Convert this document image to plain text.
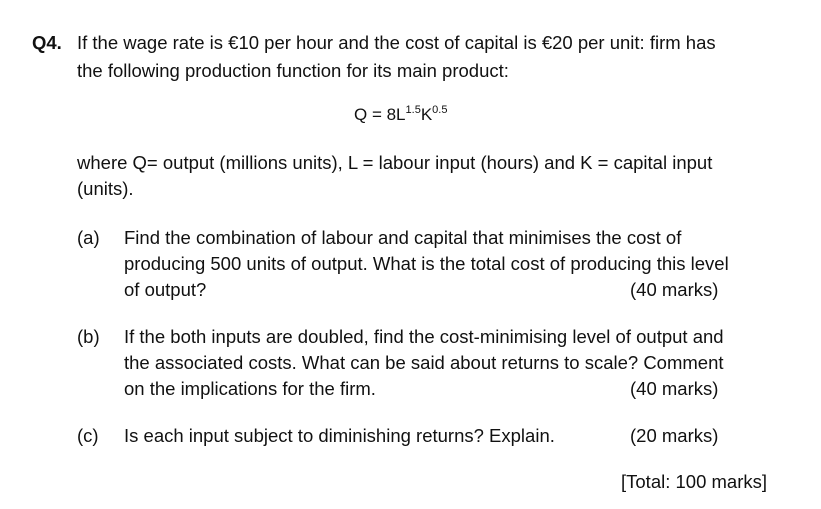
Q4. If the wage rate is €10 per hour and the cost of capital is €20 per unit: firm has
the following production function for its main product:
$Q = 8L^{1.5}K^{0.5}$
where Q= output (millions units), L = labour input (hours) and K = capital input
(units).
(a) Find the combination of labour and capital that minimises the cost of
producing 500 units of output. What is the total cost of producing this level
of output?	(40 marks)
(b) If the both inputs are doubled, find the cost-minimising level of output and
the associated costs. What can be said about returns to scale? Comment
on the implications for the firm.	(40 marks)
(c) Is each input subject to diminishing returns? Explain.	(20 marks)
[Total: 100 marks]
